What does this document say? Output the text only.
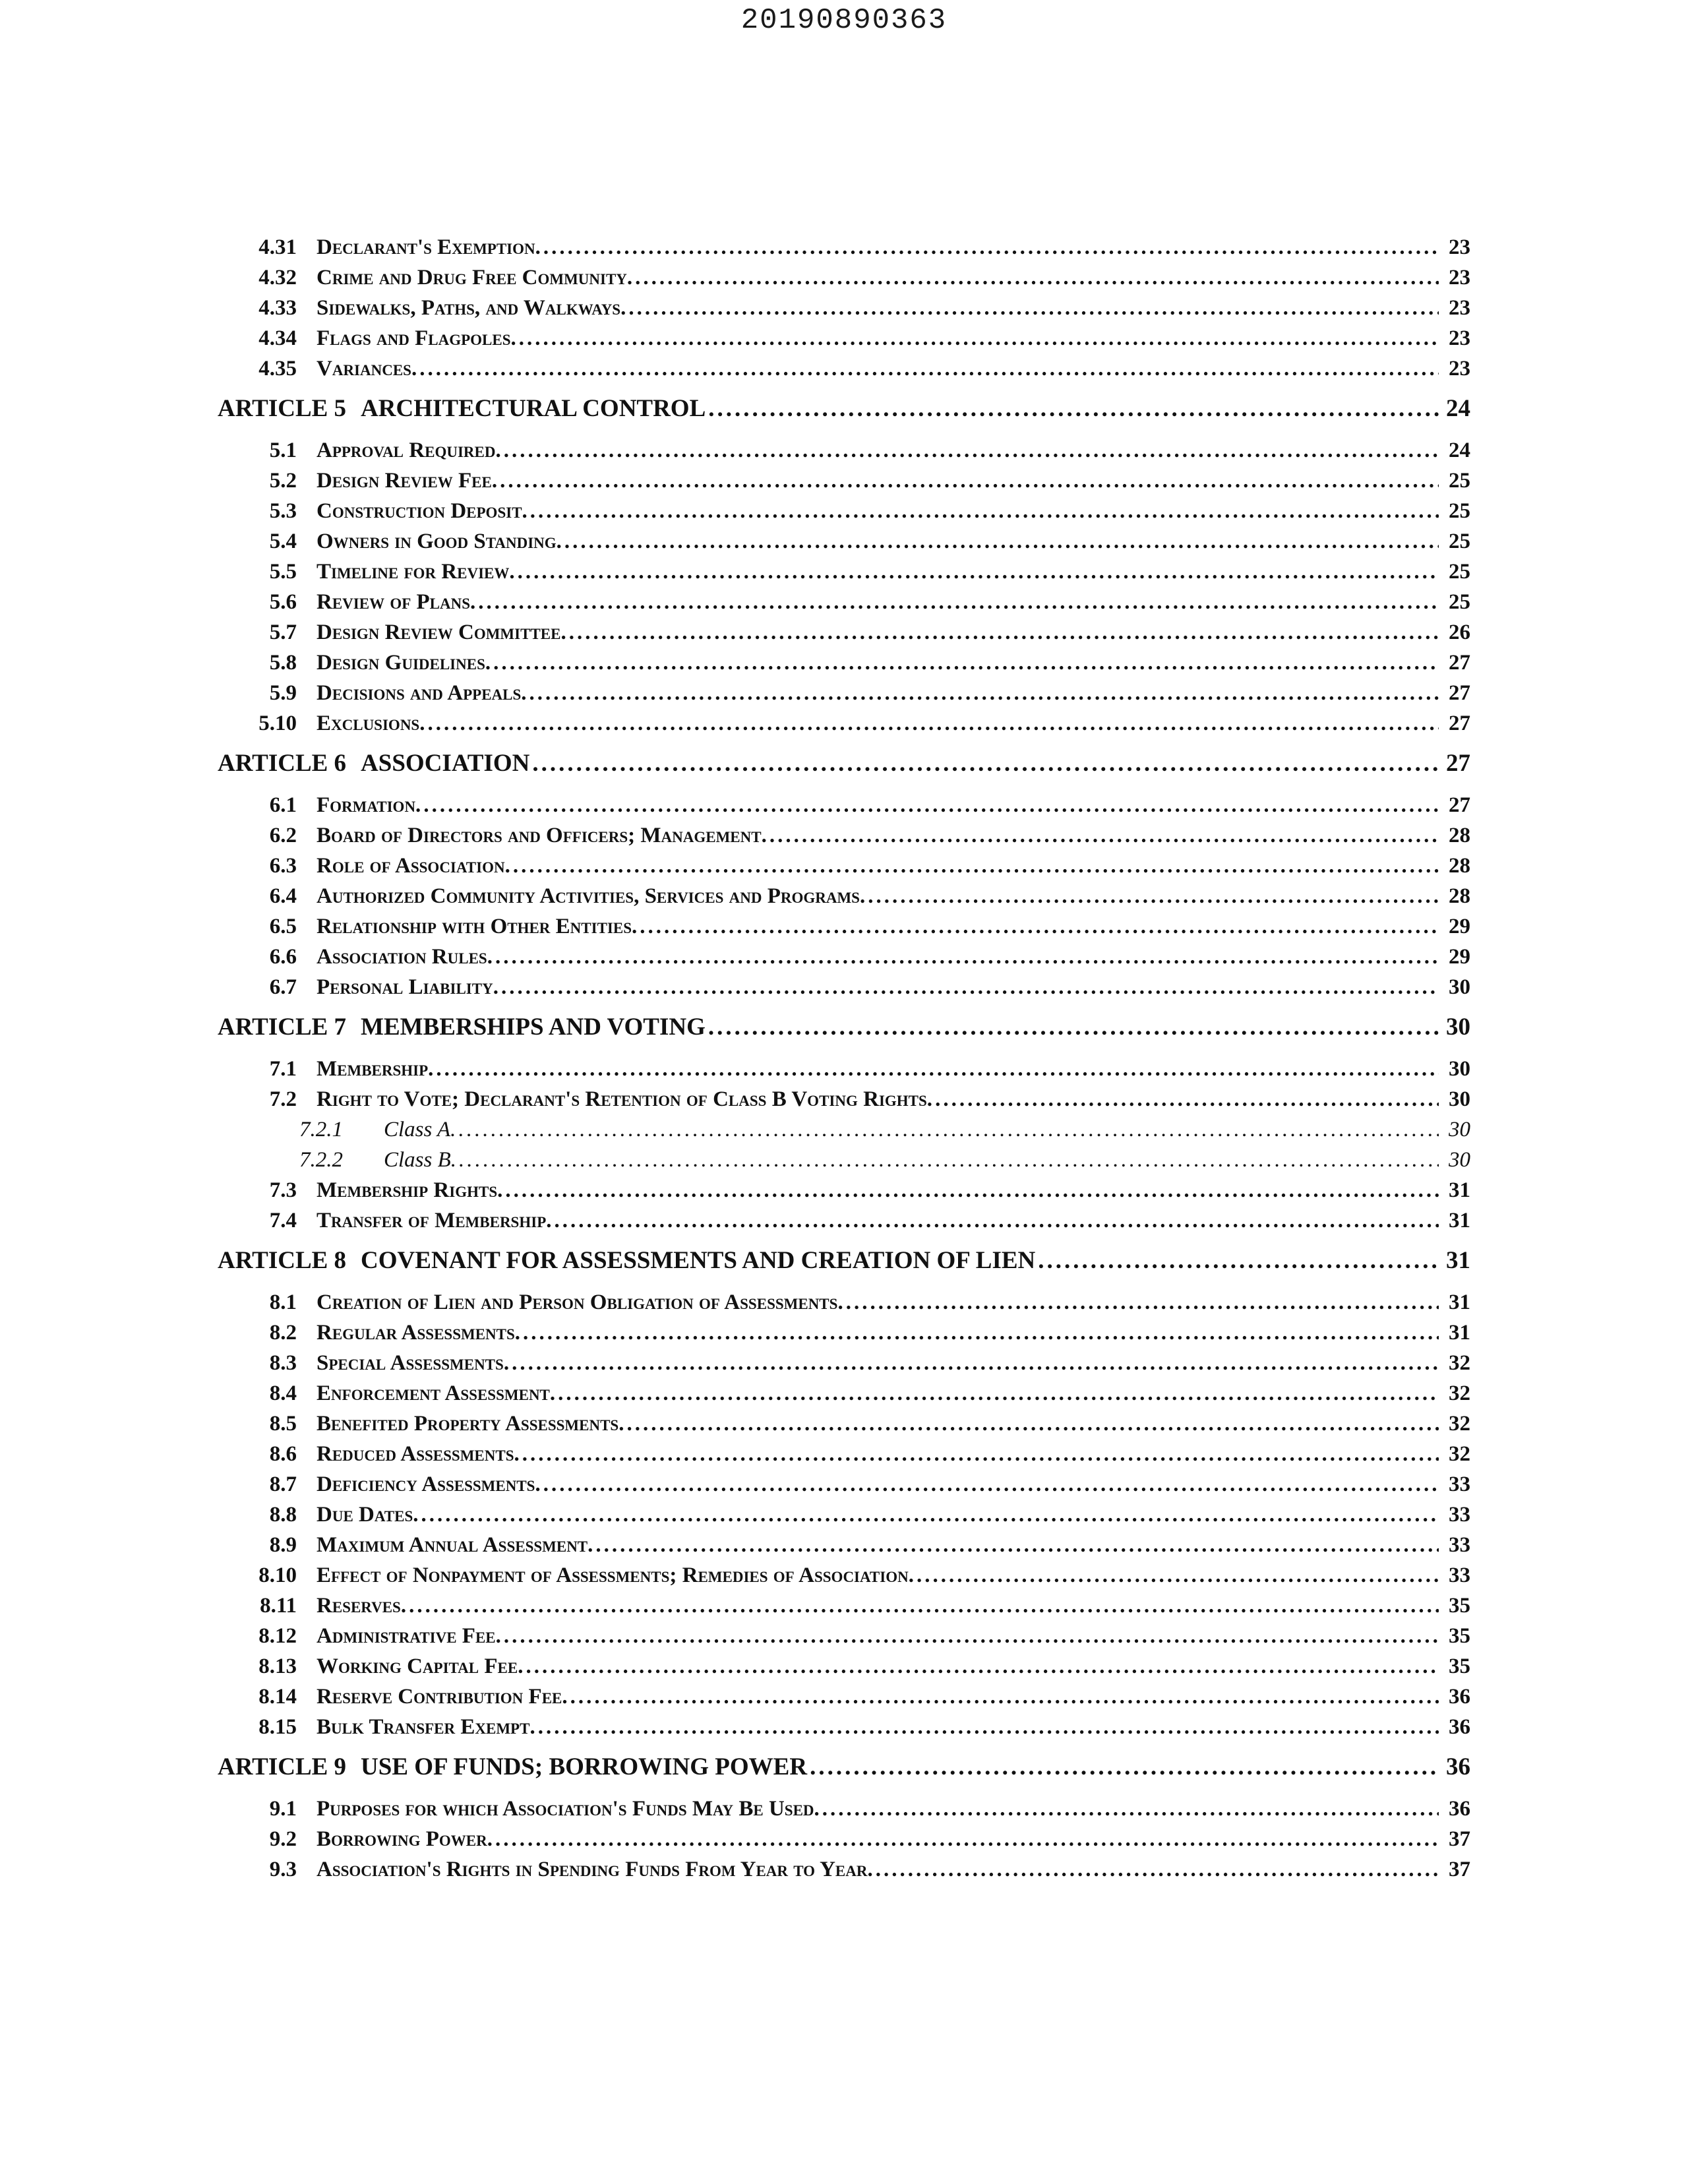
20190890363
4.31 Declarant's Exemption. .....	23
4.32 Crime and Drug Free Community. .....	23
4.33 Sidewalks, Paths, and Walkways. .....	23
4.34 Flags and Flagpoles. .....	23
4.35 Variances. .....	23
ARTICLE 5 ARCHITECTURAL CONTROL .....	24
5.1 Approval Required. .....	24
5.2 Design Review Fee. .....	25
5.3 Construction Deposit. .....	25
5.4 Owners in Good Standing. .....	25
5.5 Timeline for Review. .....	25
5.6 Review of Plans. .....	25
5.7 Design Review Committee. .....	26
5.8 Design Guidelines. .....	27
5.9 Decisions and Appeals. .....	27
5.10 Exclusions. .....	27
ARTICLE 6 ASSOCIATION .....	27
6.1 Formation. .....	27
6.2 Board of Directors and Officers; Management. .....	28
6.3 Role of Association. .....	28
6.4 Authorized Community Activities, Services and Programs. .....	28
6.5 Relationship with Other Entities. .....	29
6.6 Association Rules. .....	29
6.7 Personal Liability. .....	30
ARTICLE 7 MEMBERSHIPS AND VOTING .....	30
7.1 Membership. .....	30
7.2 Right to Vote; Declarant's Retention of Class B Voting Rights. .....	30
7.2.1	Class A. .....	30
7.2.2	Class B. .....	30
7.3 Membership Rights. .....	31
7.4 Transfer of Membership. .....	31
ARTICLE 8 COVENANT FOR ASSESSMENTS AND CREATION OF LIEN .....	31
8.1 Creation of Lien and Person Obligation of Assessments. .....	31
8.2 Regular Assessments. .....	31
8.3 Special Assessments. .....	32
8.4 Enforcement Assessment. .....	32
8.5 Benefited Property Assessments. .....	32
8.6 Reduced Assessments. .....	32
8.7 Deficiency Assessments. .....	33
8.8 Due Dates. .....	33
8.9 Maximum Annual Assessment. .....	33
8.10 Effect of Nonpayment of Assessments; Remedies of Association. .....	33
8.11 Reserves. .....	35
8.12 Administrative Fee. .....	35
8.13 Working Capital Fee. .....	35
8.14 Reserve Contribution Fee. .....	36
8.15 Bulk Transfer Exempt. .....	36
ARTICLE 9 USE OF FUNDS; BORROWING POWER .....	36
9.1 Purposes for which Association's Funds May Be Used. .....	36
9.2 Borrowing Power. .....	37
9.3 Association's Rights in Spending Funds From Year to Year. .....	37
